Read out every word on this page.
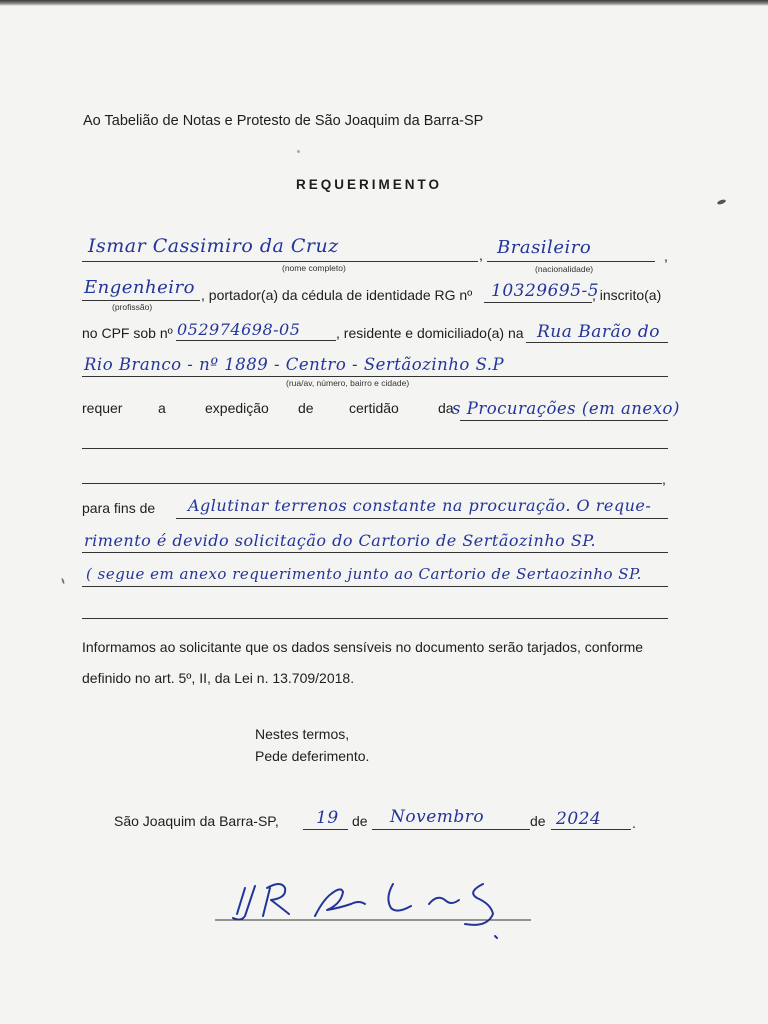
Ao Tabelião de Notas e Protesto de São Joaquim da Barra-SP
REQUERIMENTO
Ismar Cassimiro da Cruz
(nome completo)
, Brasileiro
(nacionalidade)
,
Engenheiro
(profissão)
, portador(a) da cédula de identidade RG nº 10329695-5
, inscrito(a)
no CPF sob nº 052974698-05	, residente e domiciliado(a) na Rua Barão do
Rio Branco - nº 1889 - Centro - Sertãozinho S.P
(rua/av, número, bairro e cidade)
requer	a	expedição de	certidão	da
s Procurações (em anexo)
,
para fins de Aglutinar terrenos constante na procuração. O reque-
rimento é devido solicitação do Cartorio de Sertãozinho SP.
( segue em anexo requerimento junto ao Cartorio de Sertaozinho SP.
Informamos ao solicitante que os dados sensíveis no documento serão tarjados, conforme
definido no art. 5º, II, da Lei n. 13.709/2018.
Nestes termos,
Pede deferimento.
São Joaquim da Barra-SP, 19 de Novembro	de 2024 .
